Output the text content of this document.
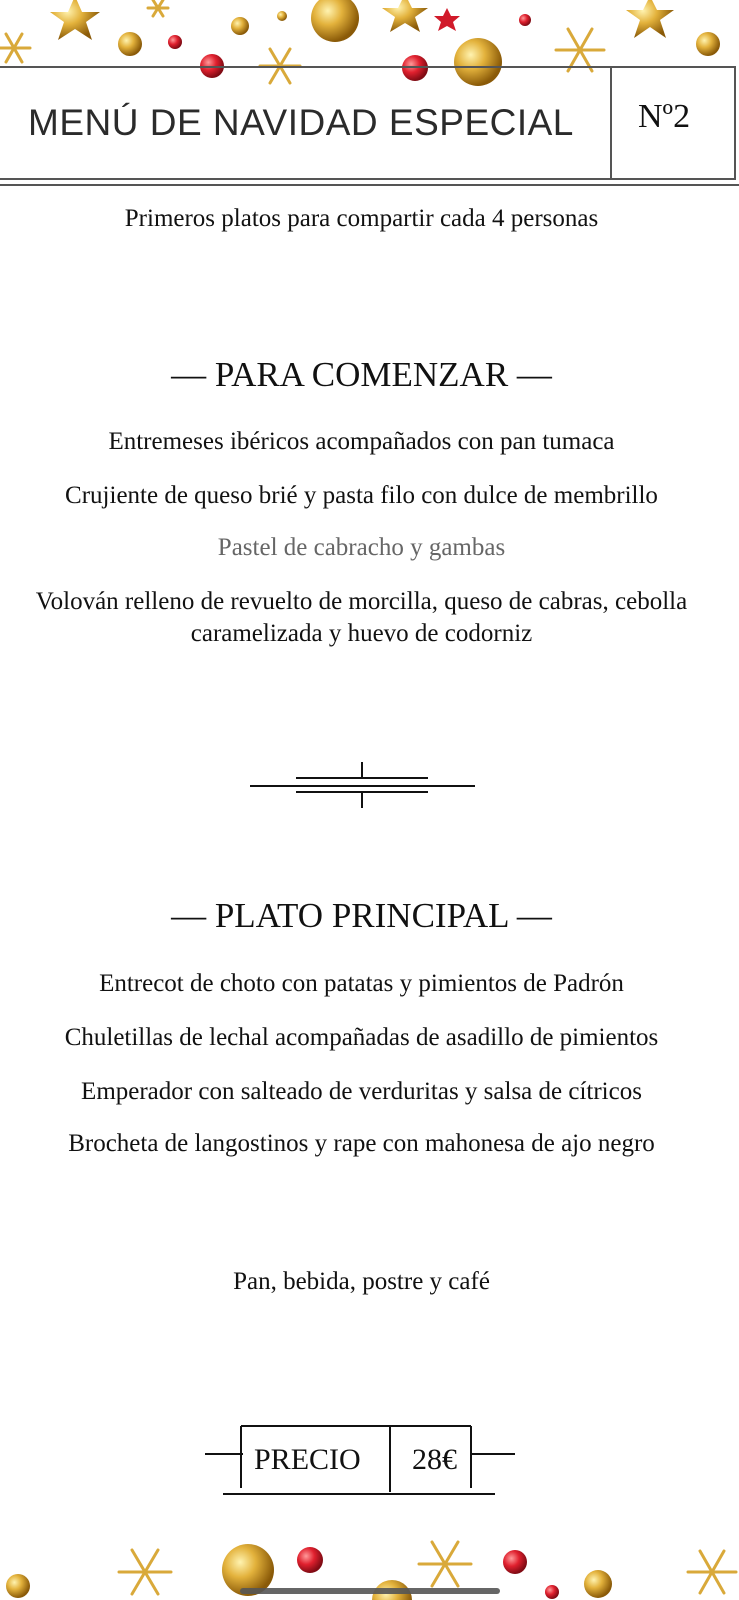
MENÚ DE NAVIDAD ESPECIAL Nº2
Primeros platos para compartir cada 4 personas
— PARA COMENZAR —
Entremeses ibéricos acompañados con pan tumaca
Crujiente de queso brié y pasta filo con dulce de membrillo
Pastel de cabracho y gambas
Volován relleno de revuelto de morcilla, queso de cabras, cebolla
caramelizada y huevo de codorniz
— PLATO PRINCIPAL —
Entrecot de choto con patatas y pimientos de Padrón
Chuletillas de lechal acompañadas de asadillo de pimientos
Emperador con salteado de verduritas y salsa de cítricos
Brocheta de langostinos y rape con mahonesa de ajo negro
Pan, bebida, postre y café
PRECIO 28€
